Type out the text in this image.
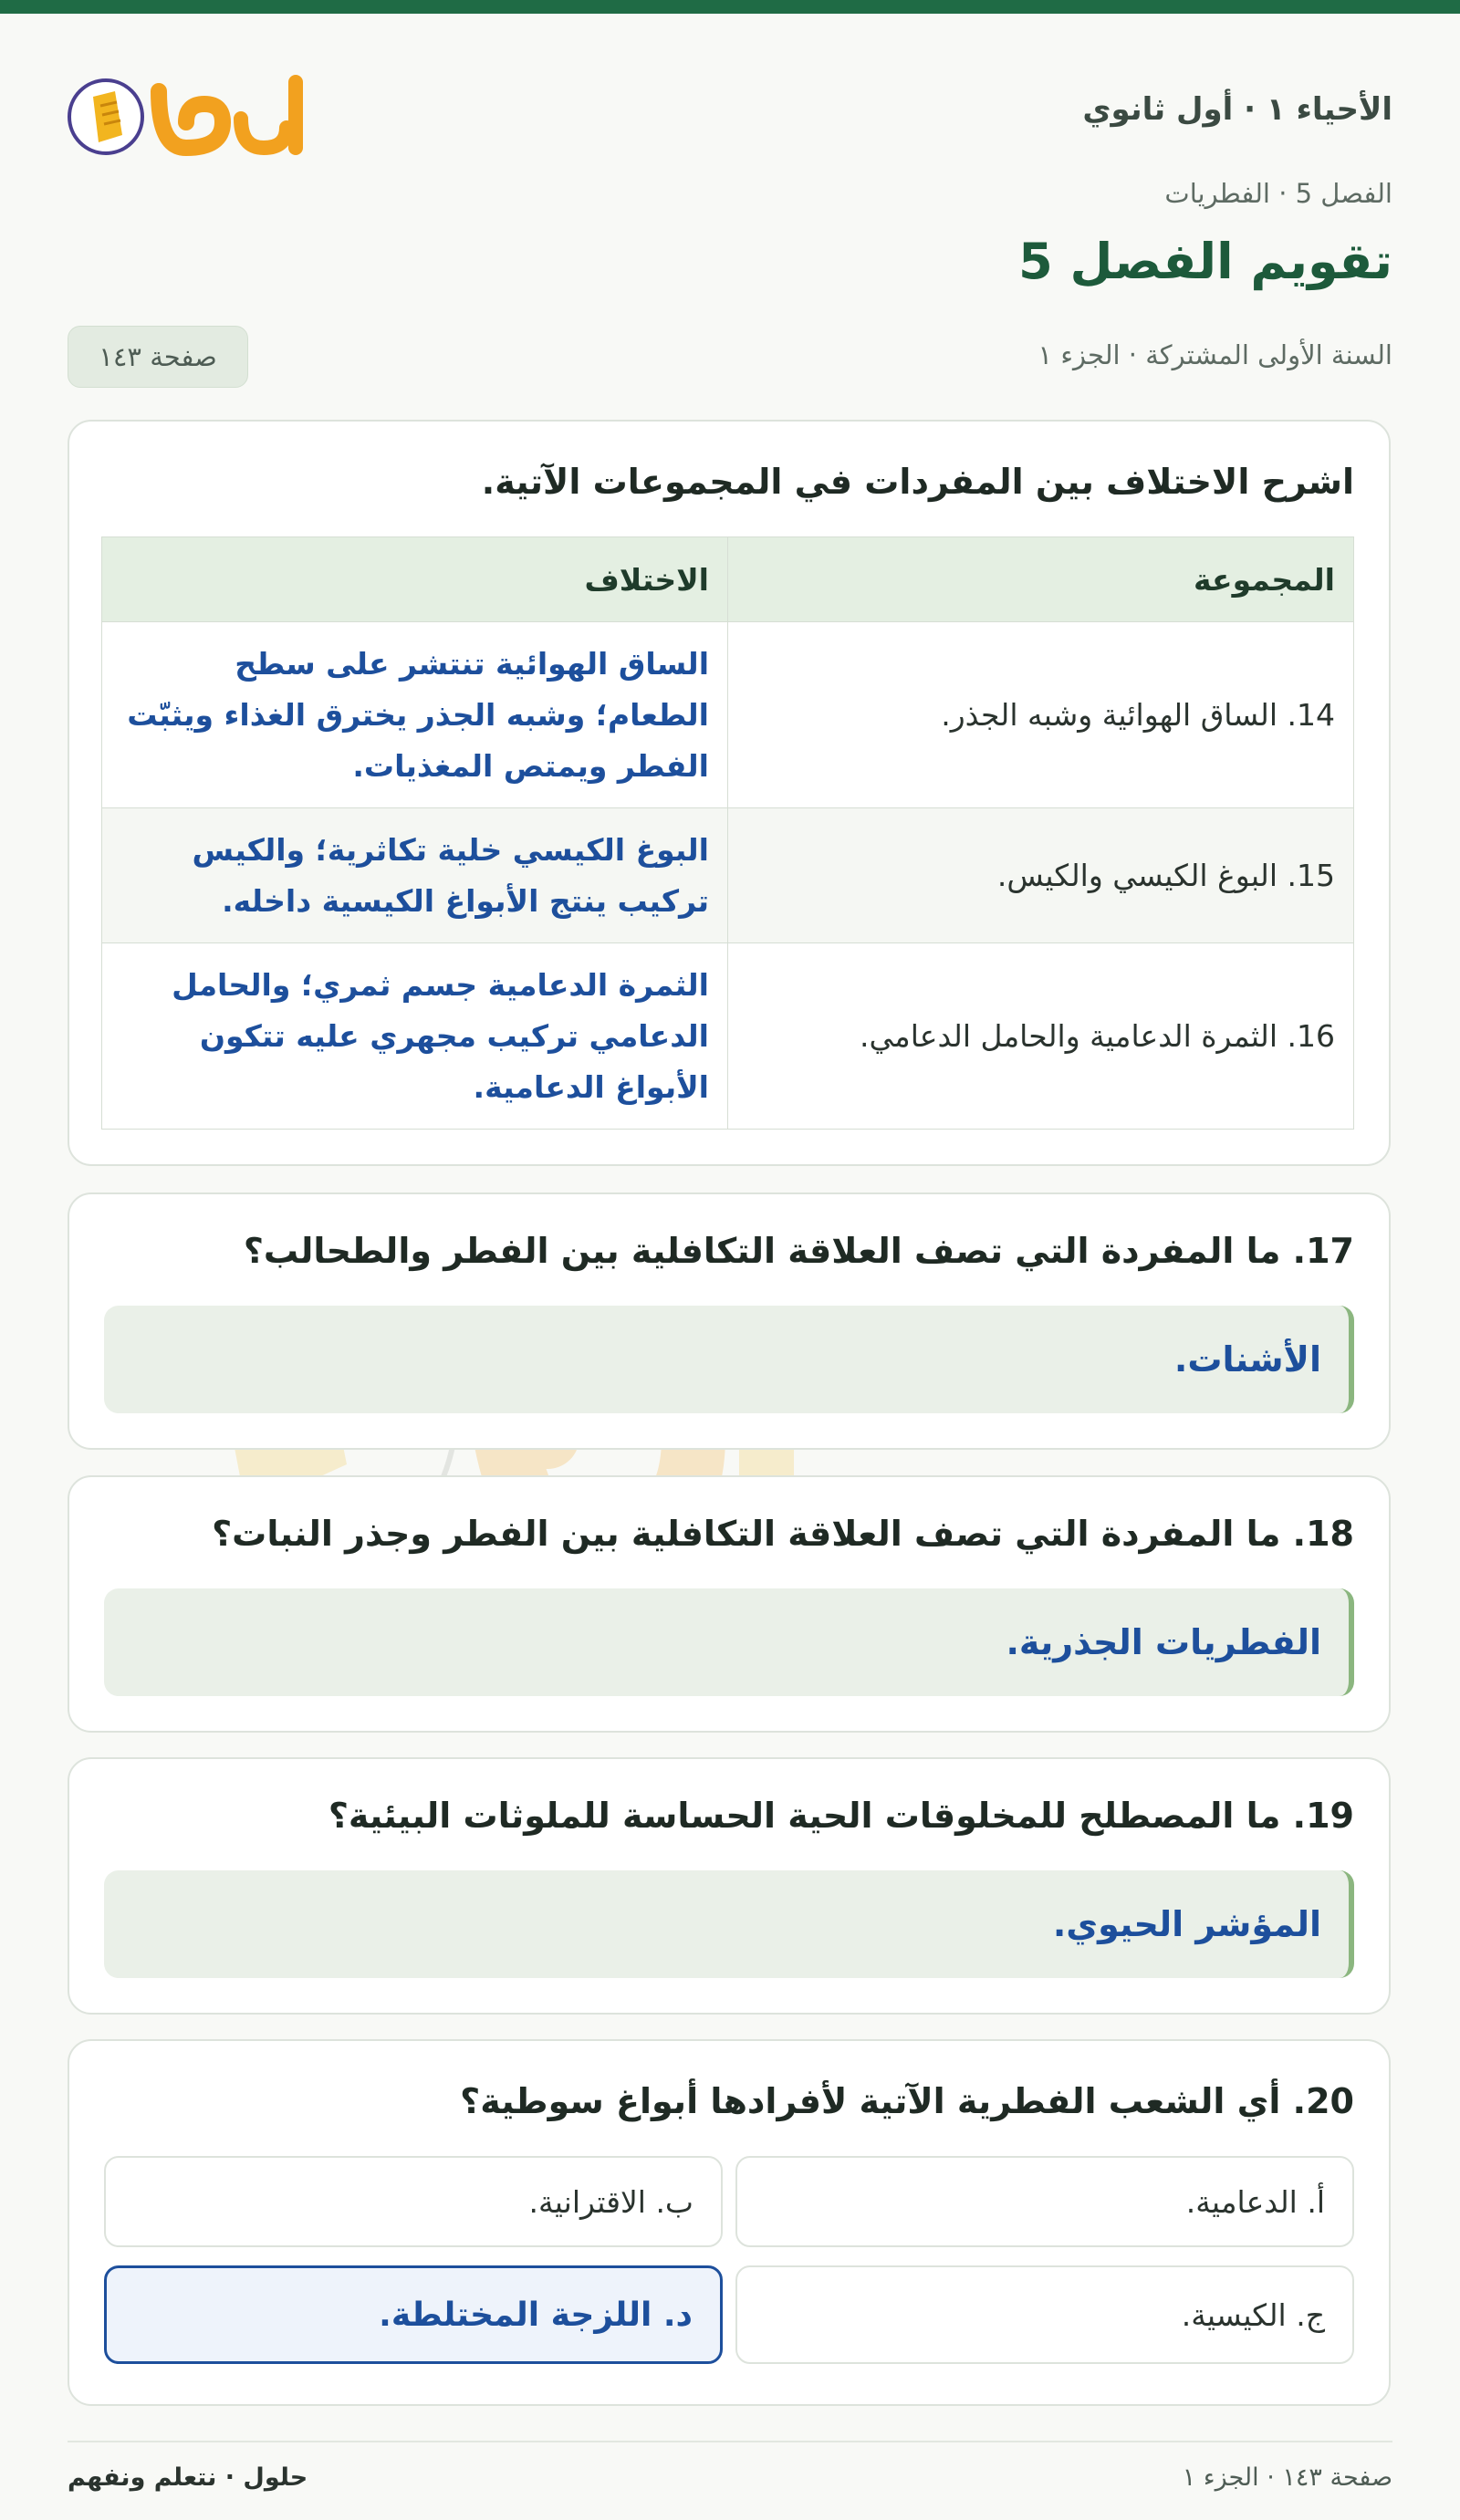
الأحياء ١ · أول ثانوي
الفصل 5 · الفطريات
تقويم الفصل 5
السنة الأولى المشتركة · الجزء ١
صفحة ١٤٣
اشرح الاختلاف بين المفردات في المجموعات الآتية.
المجموعة	الاختلاف
14. الساق الهوائية وشبه الجذر.	الساق الهوائية تنتشر على سطح الطعام؛ وشبه الجذر يخترق الغذاء ويثبّت الفطر ويمتص المغذيات.
15. البوغ الكيسي والكيس.	البوغ الكيسي خلية تكاثرية؛ والكيس تركيب ينتج الأبواغ الكيسية داخله.
16. الثمرة الدعامية والحامل الدعامي.	الثمرة الدعامية جسم ثمري؛ والحامل الدعامي تركيب مجهري عليه تتكون الأبواغ الدعامية.
17. ما المفردة التي تصف العلاقة التكافلية بين الفطر والطحالب؟
الأشنات.
18. ما المفردة التي تصف العلاقة التكافلية بين الفطر وجذر النبات؟
الفطريات الجذرية.
19. ما المصطلح للمخلوقات الحية الحساسة للملوثات البيئية؟
المؤشر الحيوي.
20. أي الشعب الفطرية الآتية لأفرادها أبواغ سوطية؟
أ. الدعامية.
ب. الاقترانية.
ج. الكيسية.
د. اللزجة المختلطة.
حلول · نتعلم ونفهم	صفحة ١٤٣ · الجزء ١
